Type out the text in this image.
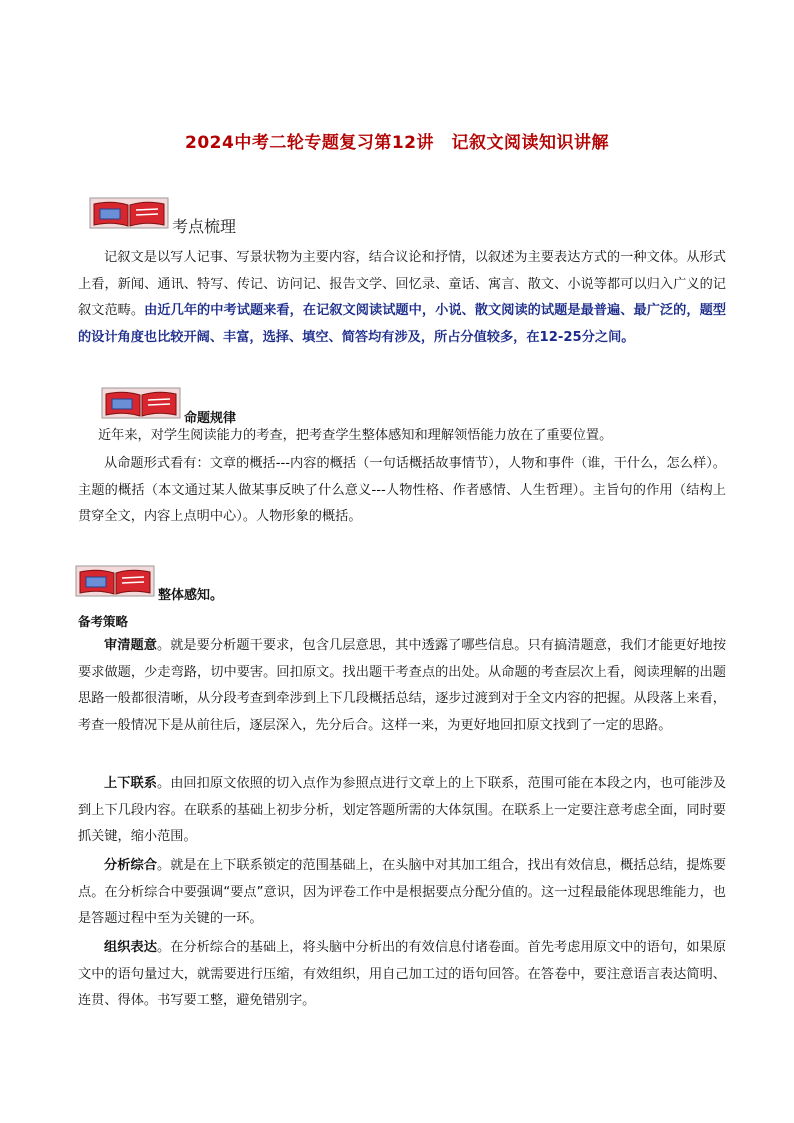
2024中考二轮专题复习第12讲　记叙文阅读知识讲解
考点梳理

记叙文是以写人记事、写景状物为主要内容，结合议论和抒情，以叙述为主要表达方式的一种文体。从形式上看，新闻、通讯、特写、传记、访问记、报告文学、回忆录、童话、寓言、散文、小说等都可以归入广义的记叙文范畴。由近几年的中考试题来看，在记叙文阅读试题中，小说、散文阅读的试题是最普遍、最广泛的，题型的设计角度也比较开阔、丰富，选择、填空、简答均有涉及，所占分值较多，在12-25分之间。

命题规律

近年来，对学生阅读能力的考查，把考查学生整体感知和理解领悟能力放在了重要位置。

从命题形式看有：文章的概括---内容的概括（一句话概括故事情节），人物和事件（谁，干什么，怎么样）。主题的概括（本文通过某人做某事反映了什么意义---人物性格、作者感情、人生哲理）。主旨句的作用（结构上贯穿全文，内容上点明中心）。人物形象的概括。

整体感知。
备考策略

审清题意。就是要分析题干要求，包含几层意思，其中透露了哪些信息。只有搞清题意，我们才能更好地按要求做题，少走弯路，切中要害。回扣原文。找出题干考查点的出处。从命题的考查层次上看，阅读理解的出题思路一般都很清晰，从分段考查到牵涉到上下几段概括总结，逐步过渡到对于全文内容的把握。从段落上来看，考查一般情况下是从前往后，逐层深入，先分后合。这样一来，为更好地回扣原文找到了一定的思路。

上下联系。由回扣原文依照的切入点作为参照点进行文章上的上下联系，范围可能在本段之内，也可能涉及到上下几段内容。在联系的基础上初步分析，划定答题所需的大体氛围。在联系上一定要注意考虑全面，同时要抓关键，缩小范围。

分析综合。就是在上下联系锁定的范围基础上，在头脑中对其加工组合，找出有效信息，概括总结，提炼要点。在分析综合中要强调“要点”意识，因为评卷工作中是根据要点分配分值的。这一过程最能体现思维能力，也是答题过程中至为关键的一环。

组织表达。在分析综合的基础上，将头脑中分析出的有效信息付诸卷面。首先考虑用原文中的语句，如果原文中的语句量过大，就需要进行压缩，有效组织，用自己加工过的语句回答。在答卷中，要注意语言表达简明、连贯、得体。书写要工整，避免错别字。
